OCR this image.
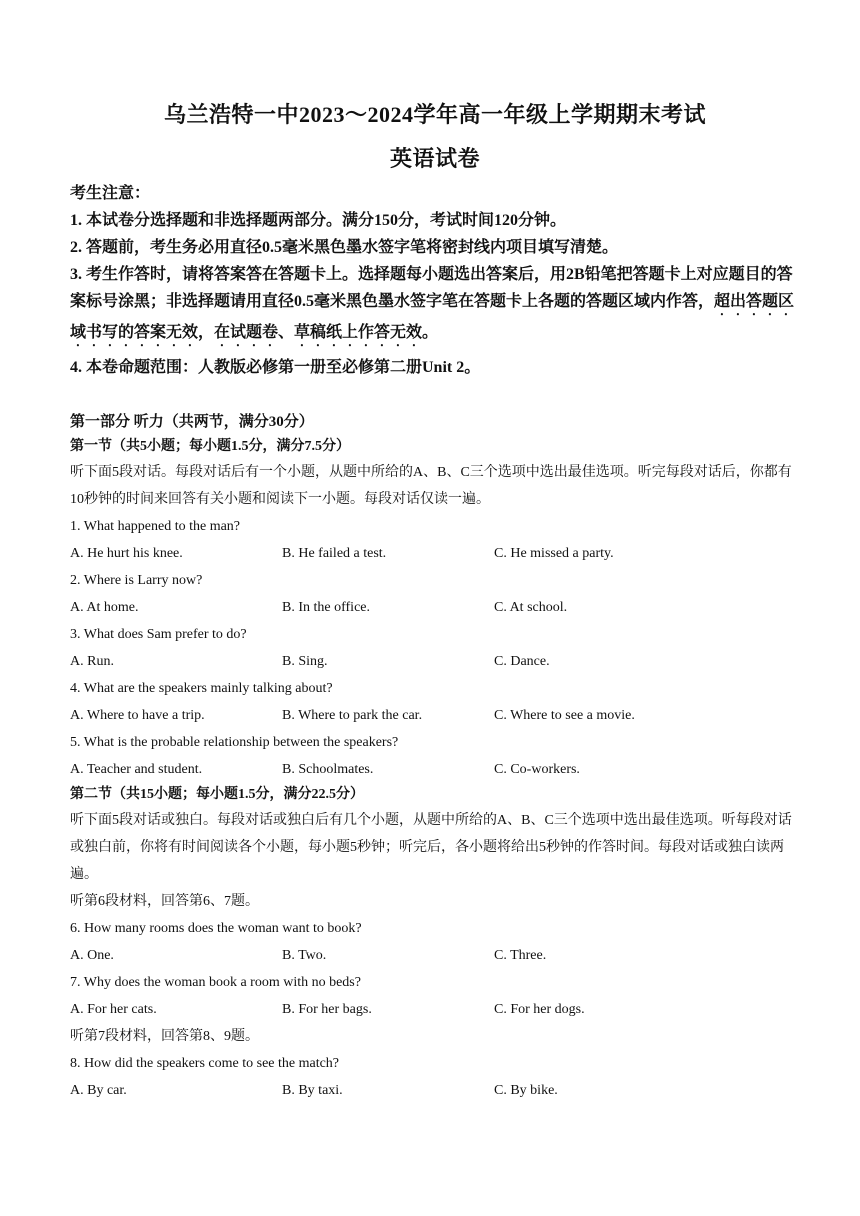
乌兰浩特一中2023～2024学年高一年级上学期期末考试
英语试卷
考生注意：
1. 本试卷分选择题和非选择题两部分。满分150分，考试时间120分钟。
2. 答题前，考生务必用直径0.5毫米黑色墨水签字笔将密封线内项目填写清楚。
3. 考生作答时，请将答案答在答题卡上。选择题每小题选出答案后，用2B铅笔把答题卡上对应题目的答案标号涂黑；非选择题请用直径0.5毫米黑色墨水签字笔在答题卡上各题的答题区域内作答，超出答题区域书写的答案无效，在试题卷、草稿纸上作答无效。
4. 本卷命题范围：人教版必修第一册至必修第二册Unit 2。
第一部分 听力（共两节，满分30分）
第一节（共5小题；每小题1.5分，满分7.5分）
听下面5段对话。每段对话后有一个小题，从题中所给的A、B、C三个选项中选出最佳选项。听完每段对话后，你都有10秒钟的时间来回答有关小题和阅读下一小题。每段对话仅读一遍。
1. What happened to the man?
A. He hurt his knee.	B. He failed a test.	C. He missed a party.
2. Where is Larry now?
A. At home.	B. In the office.	C. At school.
3. What does Sam prefer to do?
A. Run.	B. Sing.	C. Dance.
4. What are the speakers mainly talking about?
A. Where to have a trip.	B. Where to park the car.	C. Where to see a movie.
5. What is the probable relationship between the speakers?
A. Teacher and student.	B. Schoolmates.	C. Co-workers.
第二节（共15小题；每小题1.5分，满分22.5分）
听下面5段对话或独白。每段对话或独白后有几个小题，从题中所给的A、B、C三个选项中选出最佳选项。听每段对话或独白前，你将有时间阅读各个小题，每小题5秒钟；听完后，各小题将给出5秒钟的作答时间。每段对话或独白读两遍。
听第6段材料，回答第6、7题。
6. How many rooms does the woman want to book?
A. One.	B. Two.	C. Three.
7. Why does the woman book a room with no beds?
A. For her cats.	B. For her bags.	C. For her dogs.
听第7段材料，回答第8、9题。
8. How did the speakers come to see the match?
A. By car.	B. By taxi.	C. By bike.
